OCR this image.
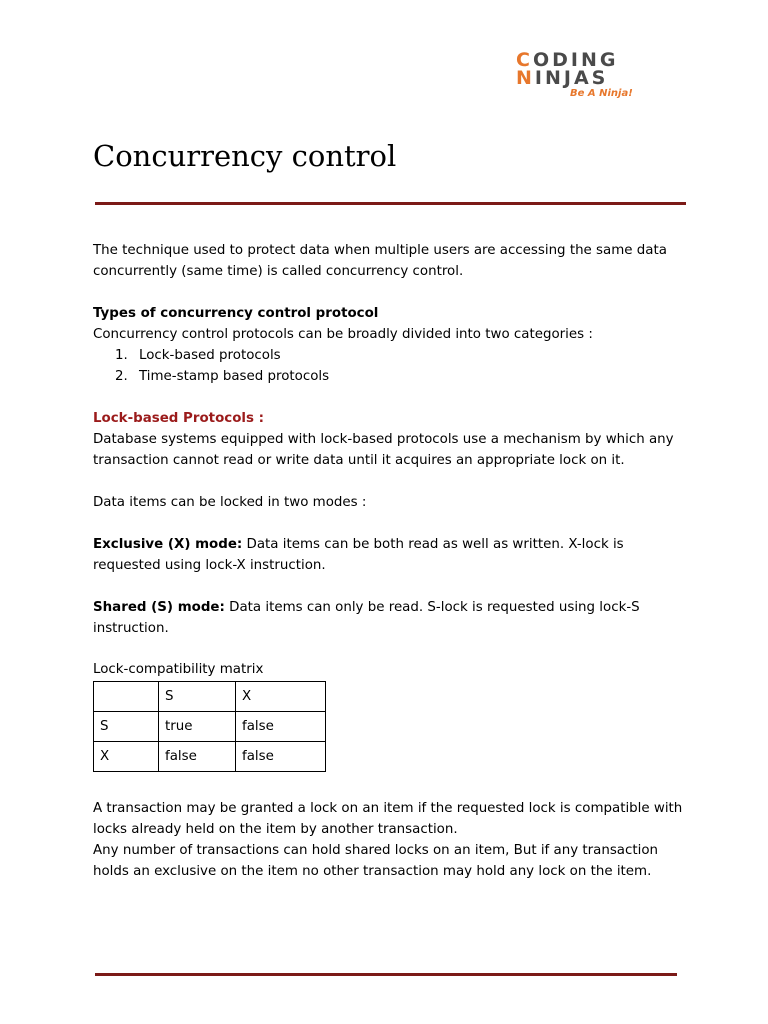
CODING
NINJAS
Be A Ninja!
Concurrency control

The technique used to protect data when multiple users are accessing the same data concurrently (same time) is called concurrency control.

Types of concurrency control protocol

Concurrency control protocols can be broadly divided into two categories :

1. Lock-based protocols
2. Time-stamp based protocols

Lock-based Protocols :

Database systems equipped with lock-based protocols use a mechanism by which any transaction cannot read or write data until it acquires an appropriate lock on it.

Data items can be locked in two modes :

Exclusive (X) mode: Data items can be both read as well as written. X-lock is requested using lock-X instruction.

Shared (S) mode: Data items can only be read. S-lock is requested using lock-S instruction.

Lock-compatibility matrix

	S	X
S	true	false
X	false	false

A transaction may be granted a lock on an item if the requested lock is compatible with locks already held on the item by another transaction.

Any number of transactions can hold shared locks on an item, But if any transaction holds an exclusive on the item no other transaction may hold any lock on the item.
